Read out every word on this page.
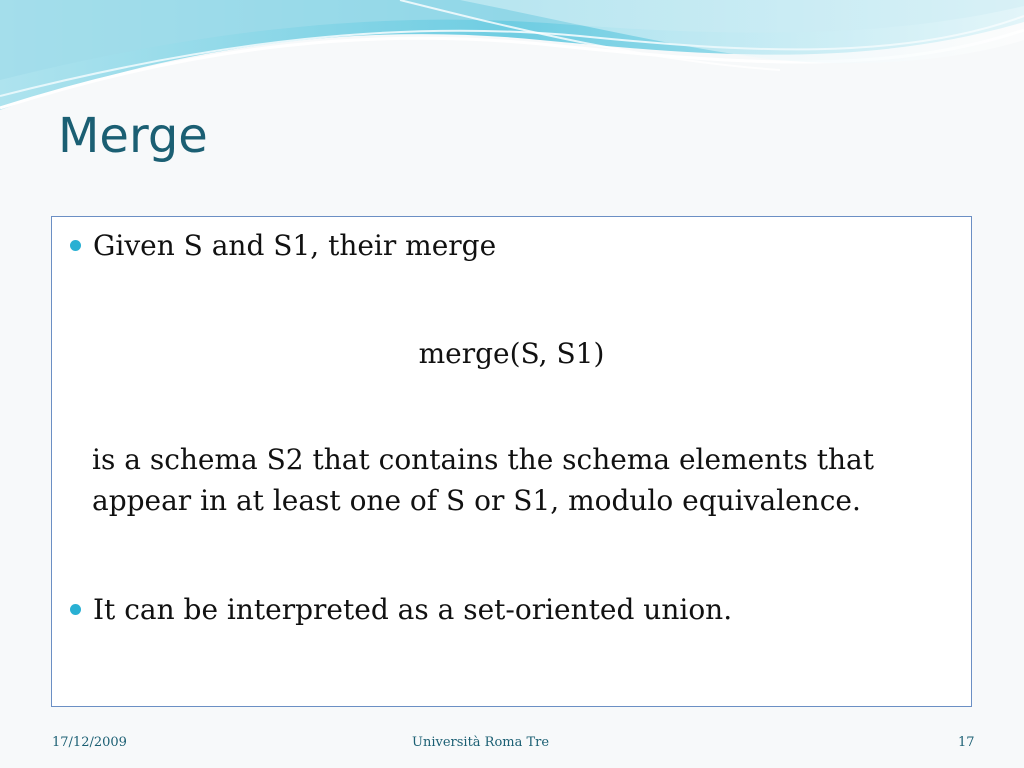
Merge
Given S and S1, their merge
merge(S, S1)
is a schema S2 that contains the schema elements that appear in at least one of S or S1, modulo equivalence.
It can be interpreted as a set-oriented union.
17/12/2009	Università Roma Tre	17
